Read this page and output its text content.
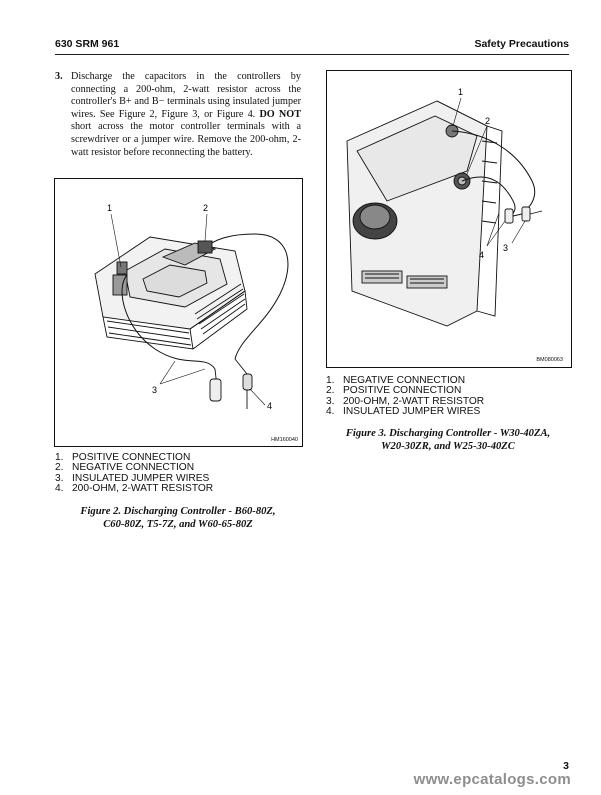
630 SRM 961	Safety Precautions
3. Discharge the capacitors in the controllers by connecting a 200-ohm, 2-watt resistor across the controller's B+ and B− terminals using insulated jumper wires. See Figure 2, Figure 3, or Figure 4. DO NOT short across the motor controller terminals with a screwdriver or a jumper wire. Remove the 200-ohm, 2-watt resistor before reconnecting the battery.
1	2
3
4
HM160040
1. POSITIVE CONNECTION
2. NEGATIVE CONNECTION
3. INSULATED JUMPER WIRES
4. 200-OHM, 2-WATT RESISTOR
Figure 2. Discharging Controller - B60-80Z,
C60-80Z, T5-7Z, and W60-65-80Z
1
2
3
4
BM080063
1. NEGATIVE CONNECTION
2. POSITIVE CONNECTION
3. 200-OHM, 2-WATT RESISTOR
4. INSULATED JUMPER WIRES
Figure 3. Discharging Controller - W30-40ZA,
W20-30ZR, and W25-30-40ZC
3
www.epcatalogs.com
